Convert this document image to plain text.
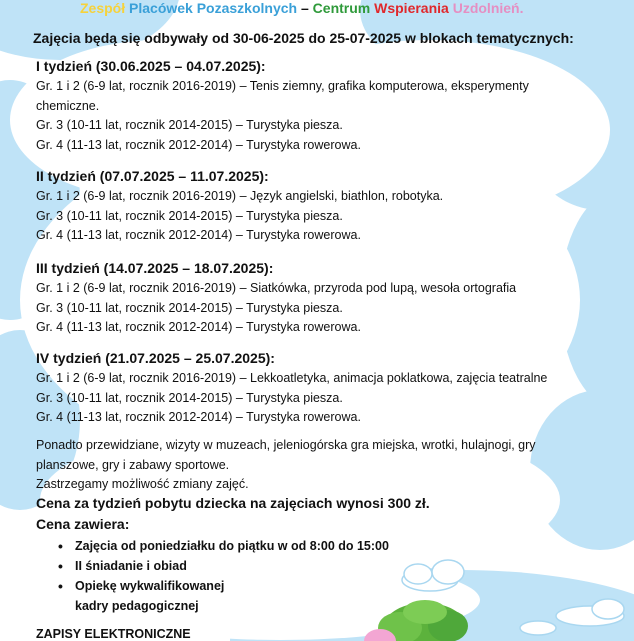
Zespół Placówek Pozaszkolnych – Centrum Wspierania Uzdolnień.
Zajęcia będą się odbywały od 30-06-2025 do 25-07-2025 w blokach tematycznych:
I tydzień (30.06.2025 – 04.07.2025):
Gr. 1 i 2 (6-9 lat, rocznik 2016-2019) – Tenis ziemny, grafika komputerowa, eksperymenty chemiczne.
Gr. 3 (10-11 lat, rocznik 2014-2015) – Turystyka piesza.
Gr. 4 (11-13 lat, rocznik 2012-2014) – Turystyka rowerowa.
II tydzień (07.07.2025 – 11.07.2025):
Gr. 1 i 2 (6-9 lat, rocznik 2016-2019) – Język angielski, biathlon, robotyka.
Gr. 3 (10-11 lat, rocznik 2014-2015) – Turystyka piesza.
Gr. 4 (11-13 lat, rocznik 2012-2014) – Turystyka rowerowa.
III tydzień (14.07.2025 – 18.07.2025):
Gr. 1 i 2 (6-9 lat, rocznik 2016-2019) – Siatkówka, przyroda pod lupą, wesoła ortografia
Gr. 3 (10-11 lat, rocznik 2014-2015) – Turystyka piesza.
Gr. 4 (11-13 lat, rocznik 2012-2014) – Turystyka rowerowa.
IV tydzień (21.07.2025 – 25.07.2025):
Gr. 1 i 2 (6-9 lat, rocznik 2016-2019) – Lekkoatletyka, animacja poklatkowa, zajęcia teatralne
Gr. 3 (10-11 lat, rocznik 2014-2015) – Turystyka piesza.
Gr. 4 (11-13 lat, rocznik 2012-2014) – Turystyka rowerowa.
Ponadto przewidziane, wizyty w muzeach, jeleniogórska gra miejska, wrotki, hulajnogi, gry planszowe, gry i zabawy sportowe.
Zastrzegamy możliwość zmiany zajęć.
Cena za tydzień pobytu dziecka na zajęciach wynosi 300 zł.
Cena zawiera:
• Zajęcia od poniedziałku do piątku w od 8:00 do 15:00
• II śniadanie i obiad
• Opiekę wykwalifikowanej kadry pedagogicznej
ZAPISY ELEKTRONICZNE
